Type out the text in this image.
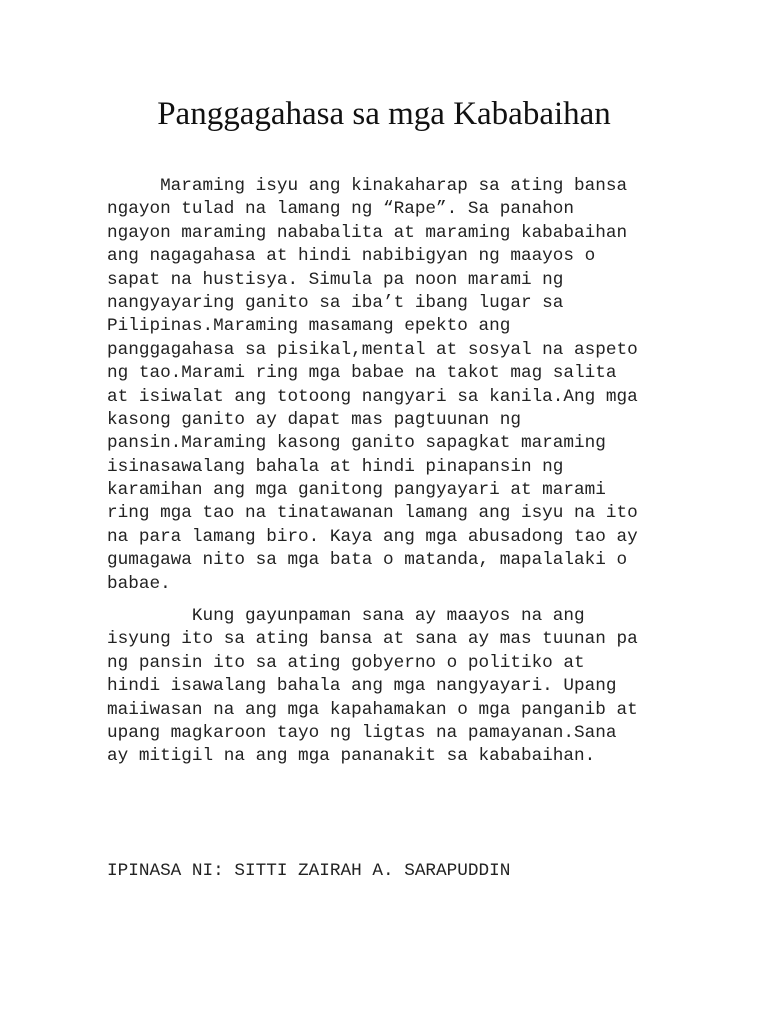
Panggagahasa sa mga Kababaihan
Maraming isyu ang kinakaharap sa ating bansa
ngayon tulad na lamang ng “Rape”. Sa panahon
ngayon maraming nababalita at maraming kababaihan
ang nagagahasa at hindi nabibigyan ng maayos o
sapat na hustisya. Simula pa noon marami ng
nangyayaring ganito sa iba’t ibang lugar sa
Pilipinas.Maraming masamang epekto ang
panggagahasa sa pisikal,mental at sosyal na aspeto
ng tao.Marami ring mga babae na takot mag salita
at isiwalat ang totoong nangyari sa kanila.Ang mga
kasong ganito ay dapat mas pagtuunan ng
pansin.Maraming kasong ganito sapagkat maraming
isinasawalang bahala at hindi pinapansin ng
karamihan ang mga ganitong pangyayari at marami
ring mga tao na tinatawanan lamang ang isyu na ito
na para lamang biro. Kaya ang mga abusadong tao ay
gumagawa nito sa mga bata o matanda, mapalalaki o
babae.
Kung gayunpaman sana ay maayos na ang
isyung ito sa ating bansa at sana ay mas tuunan pa
ng pansin ito sa ating gobyerno o politiko at
hindi isawalang bahala ang mga nangyayari. Upang
maiiwasan na ang mga kapahamakan o mga panganib at
upang magkaroon tayo ng ligtas na pamayanan.Sana
ay mitigil na ang mga pananakit sa kababaihan.
IPINASA NI: SITTI ZAIRAH A. SARAPUDDIN
